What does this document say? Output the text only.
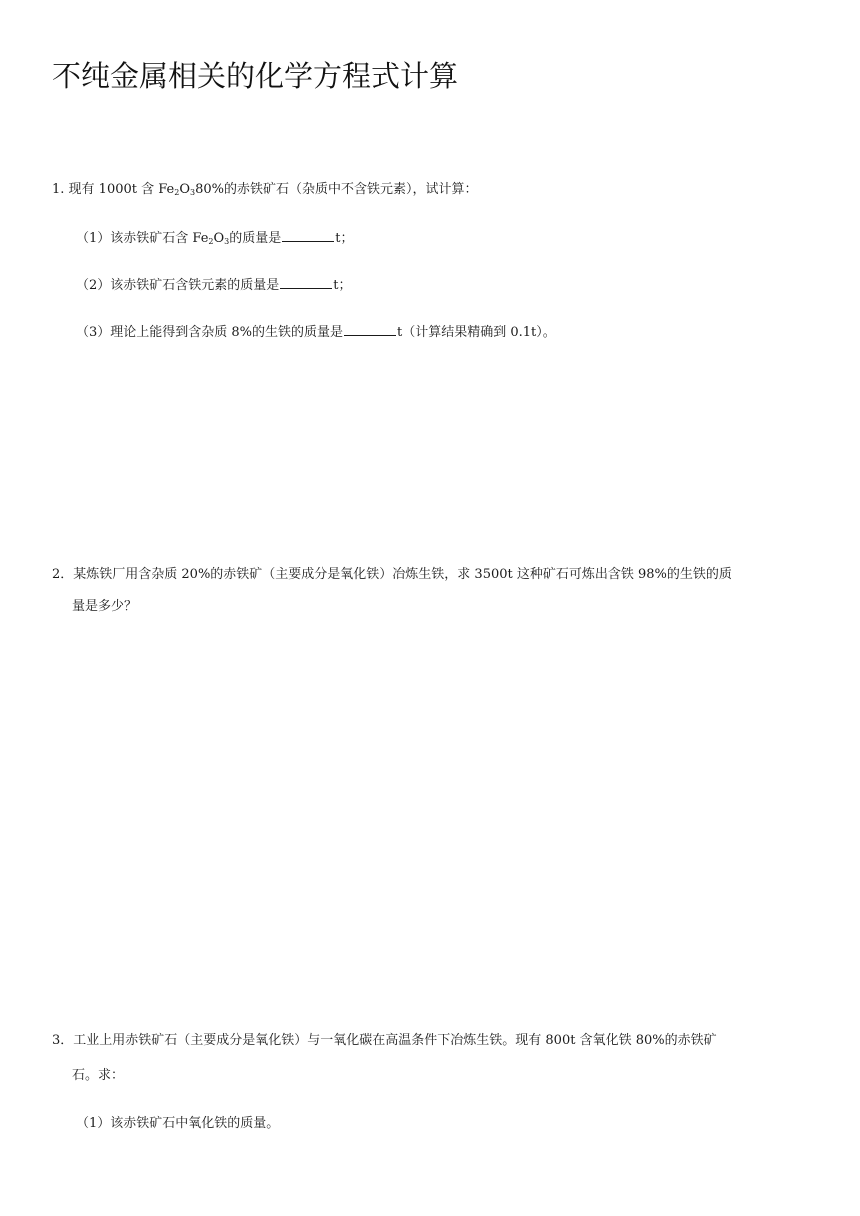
不纯金属相关的化学方程式计算
1. 现有 1000t 含 $Fe_2O_380\%$的赤铁矿石（杂质中不含铁元素），试计算：
（1）该赤铁矿石含 $Fe_2O_3$的质量是	t；
（2）该赤铁矿石含铁元素的质量是	t；
（3）理论上能得到含杂质 8%的生铁的质量是	t（计算结果精确到 0.1t）。
2．某炼铁厂用含杂质 20%的赤铁矿（主要成分是氧化铁）冶炼生铁，求 3500t 这种矿石可炼出含铁 98%的生铁的质
量是多少？
3．工业上用赤铁矿石（主要成分是氧化铁）与一氧化碳在高温条件下冶炼生铁。现有 800t 含氧化铁 80%的赤铁矿
石。求：
（1）该赤铁矿石中氧化铁的质量。
